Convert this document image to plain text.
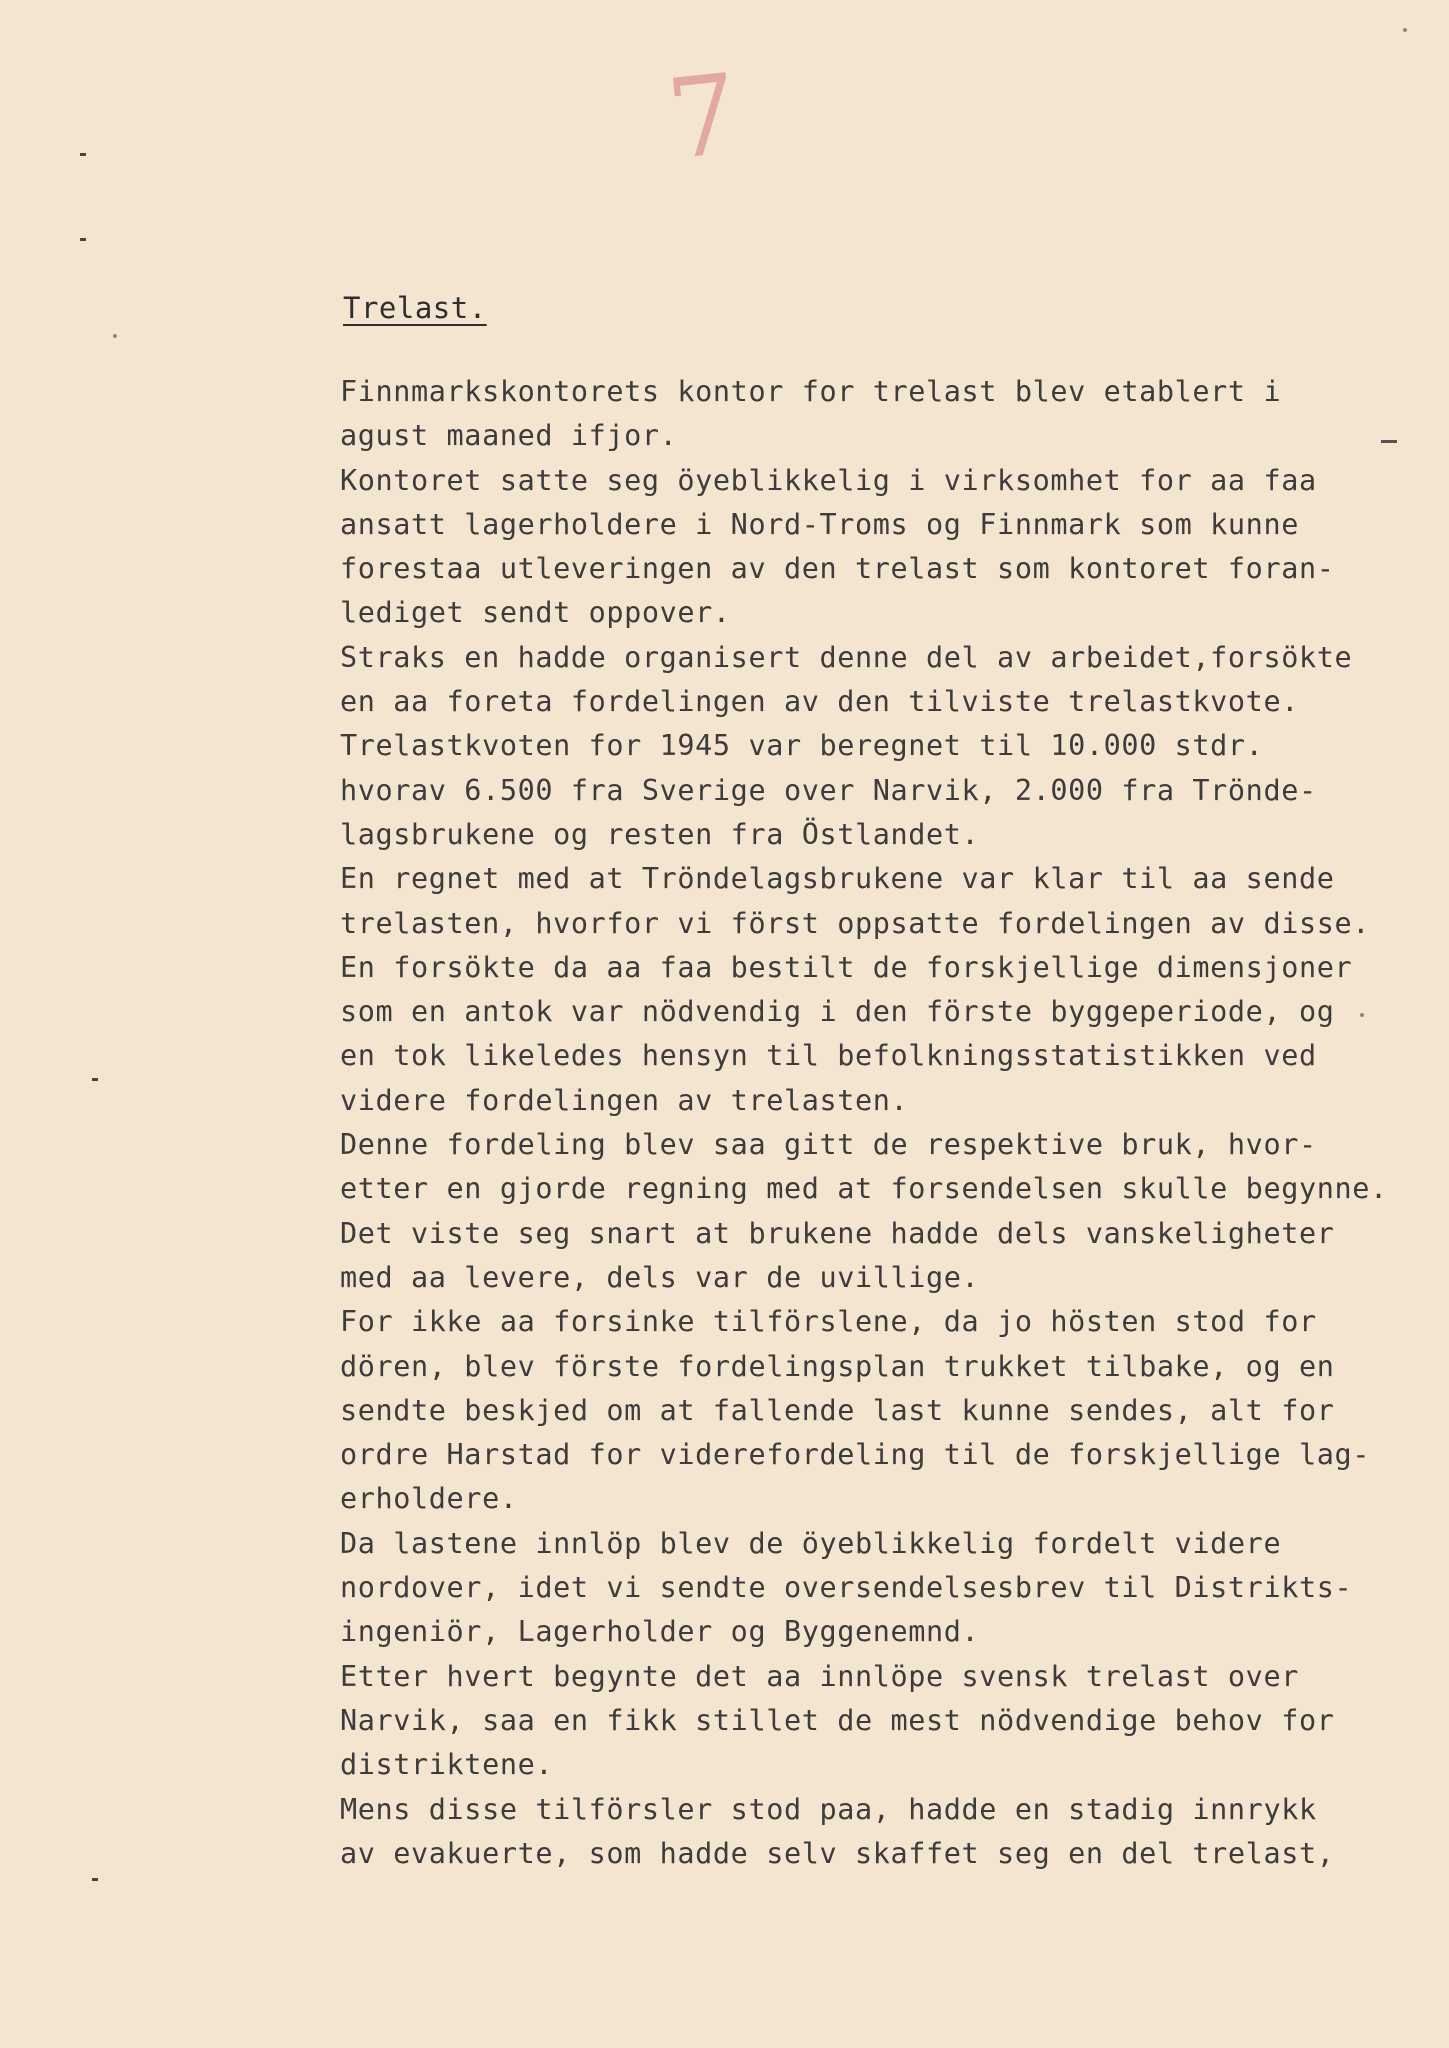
7
Trelast.
Finnmarkskontorets kontor for trelast blev etablert i
agust maaned ifjor.
Kontoret satte seg öyeblikkelig i virksomhet for aa faa
ansatt lagerholdere i Nord-Troms og Finnmark som kunne
forestaa utleveringen av den trelast som kontoret foran-
lediget sendt oppover.
Straks en hadde organisert denne del av arbeidet,forsökte
en aa foreta fordelingen av den tilviste trelastkvote.
Trelastkvoten for 1945 var beregnet til 10.000 stdr.
hvorav 6.500 fra Sverige over Narvik, 2.000 fra Tröndе-
lagsbrukene og resten fra Östlandet.
En regnet med at Tröndelagsbrukene var klar til aa sende
trelasten, hvorfor vi först oppsatte fordelingen av disse.
En forsökte da aa faa bestilt de forskjellige dimensjoner
som en antok var nödvendig i den förste byggeperiode, og
en tok likeledes hensyn til befolkningsstatistikken ved
videre fordelingen av trelasten.
Denne fordeling blev saa gitt de respektive bruk, hvor-
etter en gjorde regning med at forsendelsen skulle begynne.
Det viste seg snart at brukene hadde dels vanskeligheter
med aa levere, dels var de uvillige.
For ikke aa forsinke tilförslene, da jo hösten stod for
dören, blev förste fordelingsplan trukket tilbake, og en
sendte beskjed om at fallende last kunne sendes, alt for
ordre Harstad for viderefordeling til de forskjellige lag-
erholdere.
Da lastene innlöp blev de öyeblikkelig fordelt videre
nordover, idet vi sendte oversendelsesbrev til Distrikts-
ingeniör, Lagerholder og Byggenemnd.
Etter hvert begynte det aa innlöpe svensk trelast over
Narvik, saa en fikk stillet de mest nödvendige behov for
distriktene.
Mens disse tilförsler stod paa, hadde en stadig innrykk
av evakuerte, som hadde selv skaffet seg en del trelast,
